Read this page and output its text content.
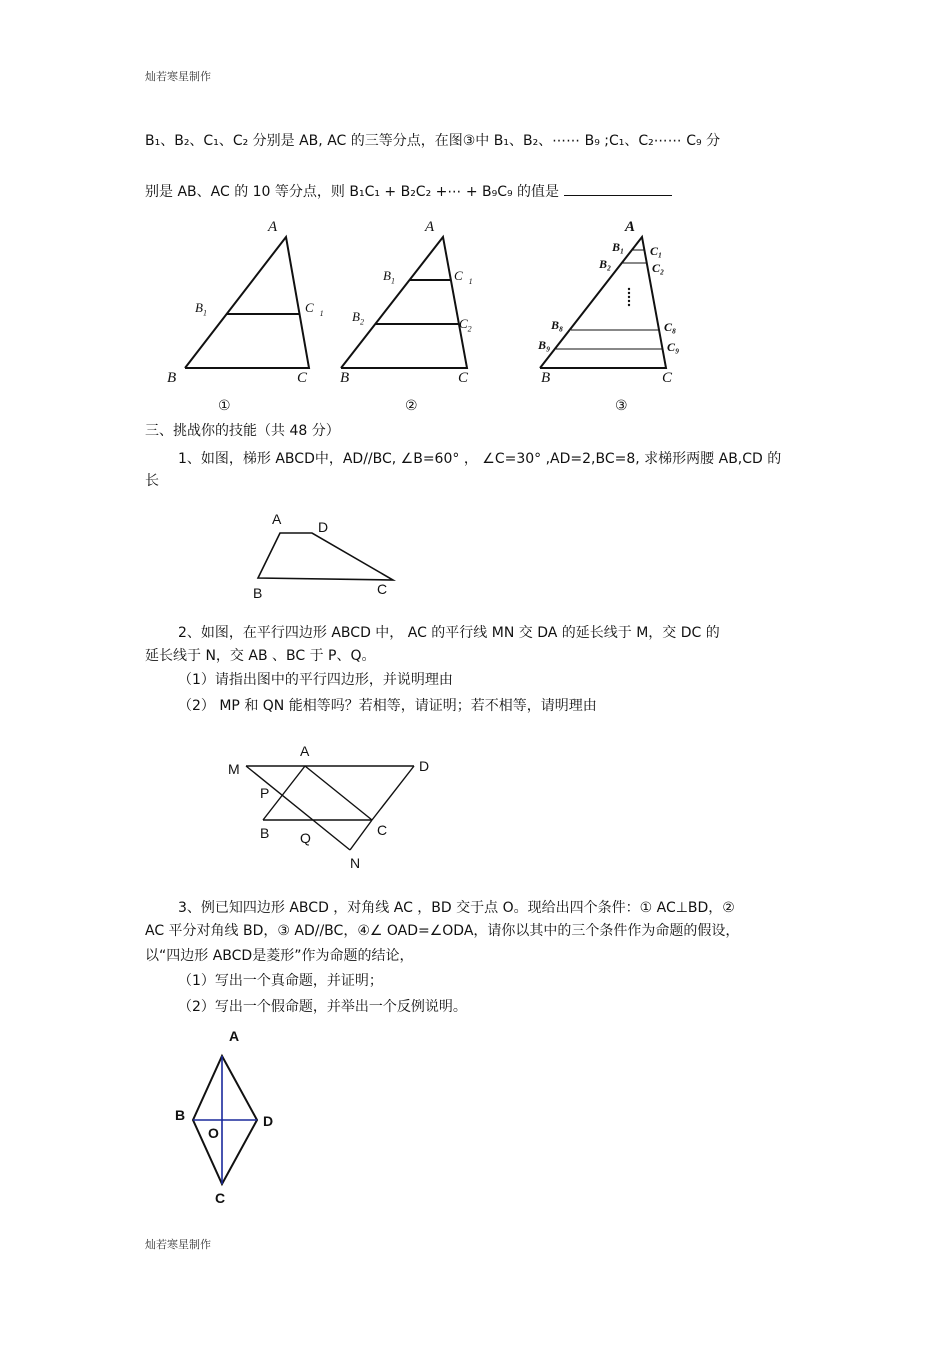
灿若寒星制作
B₁、B₂、C₁、C₂ 分别是 AB, AC 的三等分点，在图③中 B₁、B₂、⋯⋯ B₉ ;C₁、C₂⋯⋯ C₉ 分
别是 AB、AC 的 10 等分点，则 B₁C₁ + B₂C₂ +⋯ + B₉C₉ 的值是
A
$B_1$	C $_1$
B	C
①
A
$B_1$	C $_1$
$B_2$	$C_2$
B	C
②
A
B₁ C₁
B₂	C₂
B₈	C₈
B₉	C₉
B	C
③
三、挑战你的技能（共 48 分）
1、如图，梯形 ABCD中，AD//BC, ∠B=60° ， ∠C=30° ,AD=2,BC=8, 求梯形两腰 AB,CD 的
长
A	D
B	C
2、如图，在平行四边形 ABCD 中， AC 的平行线 MN 交 DA 的延长线于 M，交 DC 的
延长线于 N，交 AB 、BC 于 P、Q。
（1）请指出图中的平行四边形，并说明理由
（2） MP 和 QN 能相等吗？若相等，请证明；若不相等，请明理由
A
M	D
P
B	C
Q
N
3、例已知四边形 ABCD ，对角线 AC ，BD 交于点 O。现给出四个条件：① AC⊥BD，②
AC 平分对角线 BD，③ AD//BC，④∠ OAD=∠ODA，请你以其中的三个条件作为命题的假设，
以“四边形 ABCD是菱形”作为命题的结论，
（1）写出一个真命题，并证明；
（2）写出一个假命题，并举出一个反例说明。
A
B
O
D
C
灿若寒星制作
